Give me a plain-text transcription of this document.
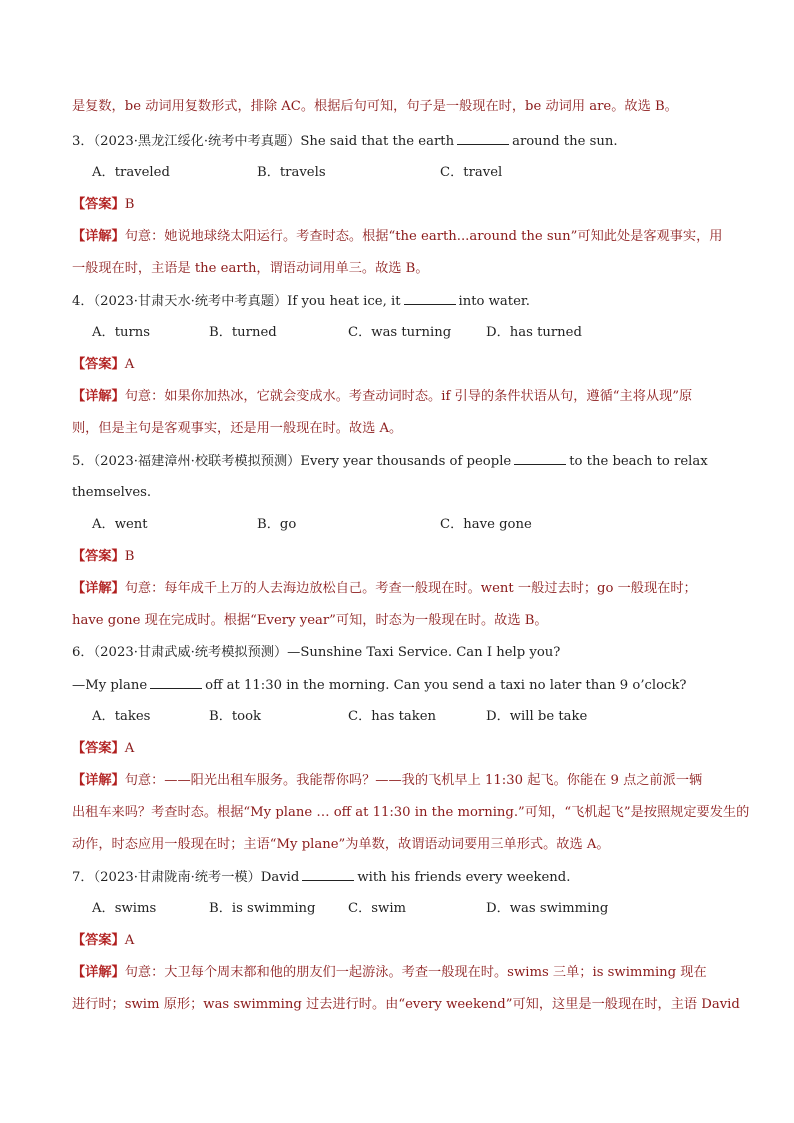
是复数，be 动词用复数形式，排除 AC。根据后句可知，句子是一般现在时，be 动词用 are。故选 B。
3．（2023·黑龙江绥化·统考中考真题）She said that the earth	around the sun.
A．traveled	B．travels	C．travel
【答案】B
【详解】句意：她说地球绕太阳运行。考查时态。根据“the earth...around the sun”可知此处是客观事实，用
一般现在时，主语是 the earth，谓语动词用单三。故选 B。
4．（2023·甘肃天水·统考中考真题）If you heat ice, it	into water.
A．turns	B．turned	C．was turning	D．has turned
【答案】A
【详解】句意：如果你加热冰，它就会变成水。考查动词时态。if 引导的条件状语从句，遵循“主将从现”原
则，但是主句是客观事实，还是用一般现在时。故选 A。
5．（2023·福建漳州·校联考模拟预测）Every year thousands of people	to the beach to relax
themselves.
A．went	B．go	C．have gone
【答案】B
【详解】句意：每年成千上万的人去海边放松自己。考查一般现在时。went 一般过去时；go 一般现在时；
have gone 现在完成时。根据“Every year”可知，时态为一般现在时。故选 B。
6．（2023·甘肃武威·统考模拟预测）—Sunshine Taxi Service. Can I help you?
—My plane	off at 11:30 in the morning. Can you send a taxi no later than 9 o’clock?
A．takes	B．took	C．has taken	D．will be take
【答案】A
【详解】句意：——阳光出租车服务。我能帮你吗？——我的飞机早上 11:30 起飞。你能在 9 点之前派一辆
出租车来吗？考查时态。根据“My plane … off at 11:30 in the morning.”可知，“飞机起飞”是按照规定要发生的
动作，时态应用一般现在时；主语“My plane”为单数，故谓语动词要用三单形式。故选 A。
7．（2023·甘肃陇南·统考一模）David	with his friends every weekend.
A．swims	B．is swimming C．swim	D．was swimming
【答案】A
【详解】句意：大卫每个周末都和他的朋友们一起游泳。考查一般现在时。swims 三单；is swimming 现在
进行时；swim 原形；was swimming 过去进行时。由“every weekend”可知，这里是一般现在时，主语 David
